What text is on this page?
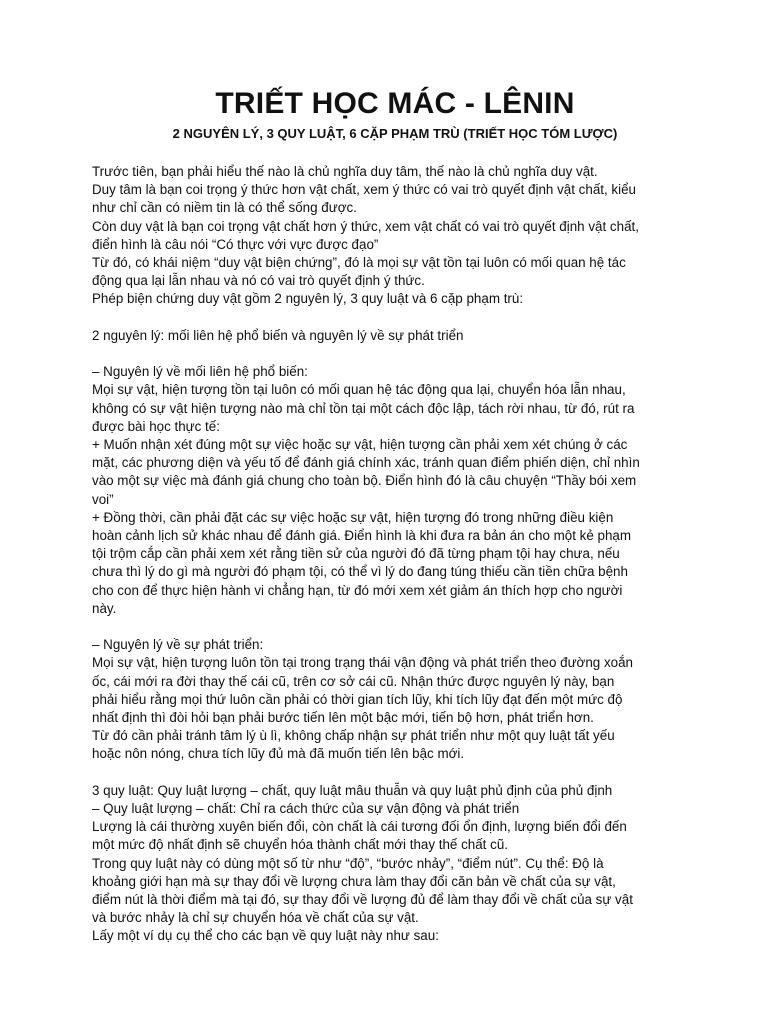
TRIẾT HỌC MÁC - LÊNIN
2 NGUYÊN LÝ, 3 QUY LUẬT, 6 CẶP PHẠM TRÙ (TRIẾT HỌC TÓM LƯỢC)
Trước tiên, bạn phải hiểu thế nào là chủ nghĩa duy tâm, thế nào là chủ nghĩa duy vật.
Duy tâm là bạn coi trọng ý thức hơn vật chất, xem ý thức có vai trò quyết định vật chất, kiểu
như chỉ cần có niềm tin là có thể sống được.
Còn duy vật là bạn coi trọng vật chất hơn ý thức, xem vật chất có vai trò quyết định vật chất,
điển hình là câu nói “Có thực với vực được đạo”
Từ đó, có khái niệm “duy vật biện chứng”, đó là mọi sự vật tồn tại luôn có mối quan hệ tác
động qua lại lẫn nhau và nó có vai trò quyết định ý thức.
Phép biện chứng duy vật gồm 2 nguyên lý, 3 quy luật và 6 cặp phạm trù:
2 nguyên lý: mối liên hệ phổ biến và nguyên lý về sự phát triển
– Nguyên lý về mối liên hệ phổ biến:
Mọi sự vật, hiện tượng tồn tại luôn có mối quan hệ tác động qua lại, chuyển hóa lẫn nhau,
không có sự vật hiện tượng nào mà chỉ tồn tại một cách độc lập, tách rời nhau, từ đó, rút ra
được bài học thực tế:
+ Muốn nhận xét đúng một sự việc hoặc sự vật, hiện tượng cần phải xem xét chúng ở các
mặt, các phương diện và yếu tố để đánh giá chính xác, tránh quan điểm phiến diện, chỉ nhìn
vào một sự việc mà đánh giá chung cho toàn bộ. Điển hình đó là câu chuyện “Thầy bói xem
voi”
+ Đồng thời, cần phải đặt các sự việc hoặc sự vật, hiện tượng đó trong những điều kiện
hoàn cảnh lịch sử khác nhau để đánh giá. Điển hình là khi đưa ra bản án cho một kẻ phạm
tội trộm cắp cần phải xem xét rằng tiền sử của người đó đã từng phạm tội hay chưa, nếu
chưa thì lý do gì mà người đó phạm tội, có thể vì lý do đang túng thiếu cần tiền chữa bệnh
cho con để thực hiện hành vi chẳng hạn, từ đó mới xem xét giảm án thích hợp cho người
này.
– Nguyên lý về sự phát triển:
Mọi sự vật, hiện tượng luôn tồn tại trong trạng thái vận động và phát triển theo đường xoắn
ốc, cái mới ra đời thay thế cái cũ, trên cơ sở cái cũ. Nhận thức được nguyên lý này, bạn
phải hiểu rằng mọi thứ luôn cần phải có thời gian tích lũy, khi tích lũy đạt đến một mức độ
nhất định thì đòi hỏi bạn phải bước tiến lên một bậc mới, tiến bộ hơn, phát triển hơn.
Từ đó cần phải tránh tâm lý ù lì, không chấp nhận sự phát triển như một quy luật tất yếu
hoặc nôn nóng, chưa tích lũy đủ mà đã muốn tiến lên bậc mới.
3 quy luật: Quy luật lượng – chất, quy luật mâu thuẫn và quy luật phủ định của phủ định
– Quy luật lượng – chất: Chỉ ra cách thức của sự vận động và phát triển
Lượng là cái thường xuyên biến đổi, còn chất là cái tương đối ổn định, lượng biến đổi đến
một mức độ nhất định sẽ chuyển hóa thành chất mới thay thế chất cũ.
Trong quy luật này có dùng một số từ như “độ”, “bước nhảy”, “điểm nút”. Cụ thể: Độ là
khoảng giới hạn mà sự thay đổi về lượng chưa làm thay đổi căn bản về chất của sự vật,
điểm nút là thời điểm mà tại đó, sự thay đổi về lượng đủ để làm thay đổi về chất của sự vật
và bước nhảy là chỉ sự chuyển hóa về chất của sự vật.
Lấy một ví dụ cụ thể cho các bạn về quy luật này như sau:
